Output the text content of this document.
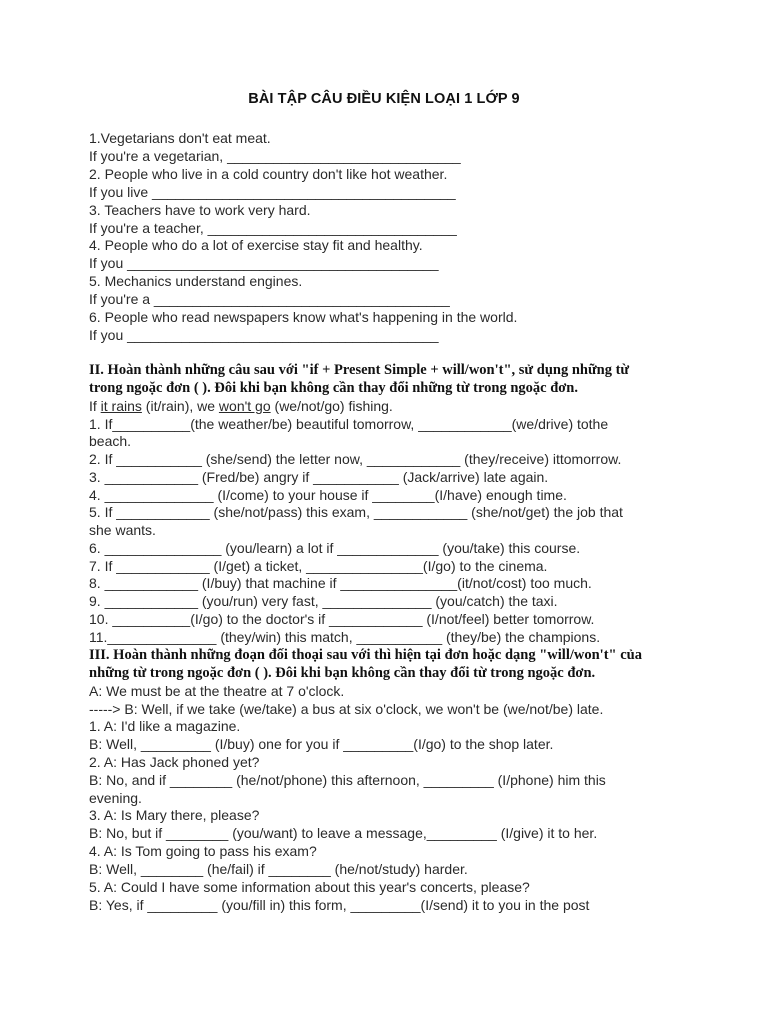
BÀI TẬP CÂU ĐIỀU KIỆN LOẠI 1 LỚP 9
1.Vegetarians don't eat meat.
If you're a vegetarian, ______________________________
2. People who live in a cold country don't like hot weather.
If you live _______________________________________
3. Teachers have to work very hard.
If you're a teacher, ________________________________
4. People who do a lot of exercise stay fit and healthy.
If you ________________________________________
5. Mechanics understand engines.
If you're a ______________________________________
6. People who read newspapers know what's happening in the world.
If you ________________________________________
II. Hoàn thành những câu sau với "if + Present Simple + will/won't", sử dụng những từ
trong ngoặc đơn ( ). Đôi khi bạn không cần thay đổi những từ trong ngoặc đơn.
If it rains (it/rain), we won't go (we/not/go) fishing.
1. If__________(the weather/be) beautiful tomorrow, ____________(we/drive) tothe
beach.
2. If ___________ (she/send) the letter now, ____________ (they/receive) ittomorrow.
3. ____________ (Fred/be) angry if ___________ (Jack/arrive) late again.
4. ______________ (I/come) to your house if ________(I/have) enough time.
5. If ____________ (she/not/pass) this exam, ____________ (she/not/get) the job that
she wants.
6. _______________ (you/learn) a lot if _____________ (you/take) this course.
7. If ____________ (I/get) a ticket, _______________(I/go) to the cinema.
8. ____________ (I/buy) that machine if _______________(it/not/cost) too much.
9. ____________ (you/run) very fast, ______________ (you/catch) the taxi.
10. __________(I/go) to the doctor's if ____________ (I/not/feel) better tomorrow.
11.______________ (they/win) this match, ___________ (they/be) the champions.
III. Hoàn thành những đoạn đối thoại sau với thì hiện tại đơn hoặc dạng "will/won't" của
những từ trong ngoặc đơn ( ). Đôi khi bạn không cần thay đổi từ trong ngoặc đơn.
A: We must be at the theatre at 7 o'clock.
-----> B: Well, if we take (we/take) a bus at six o'clock, we won't be (we/not/be) late.
1. A: I'd like a magazine.
B: Well, _________ (I/buy) one for you if _________(I/go) to the shop later.
2. A: Has Jack phoned yet?
B: No, and if ________ (he/not/phone) this afternoon, _________ (I/phone) him this
evening.
3. A: Is Mary there, please?
B: No, but if ________ (you/want) to leave a message,_________ (I/give) it to her.
4. A: Is Tom going to pass his exam?
B: Well, ________ (he/fail) if ________ (he/not/study) harder.
5. A: Could I have some information about this year's concerts, please?
B: Yes, if _________ (you/fill in) this form, _________(I/send) it to you in the post
